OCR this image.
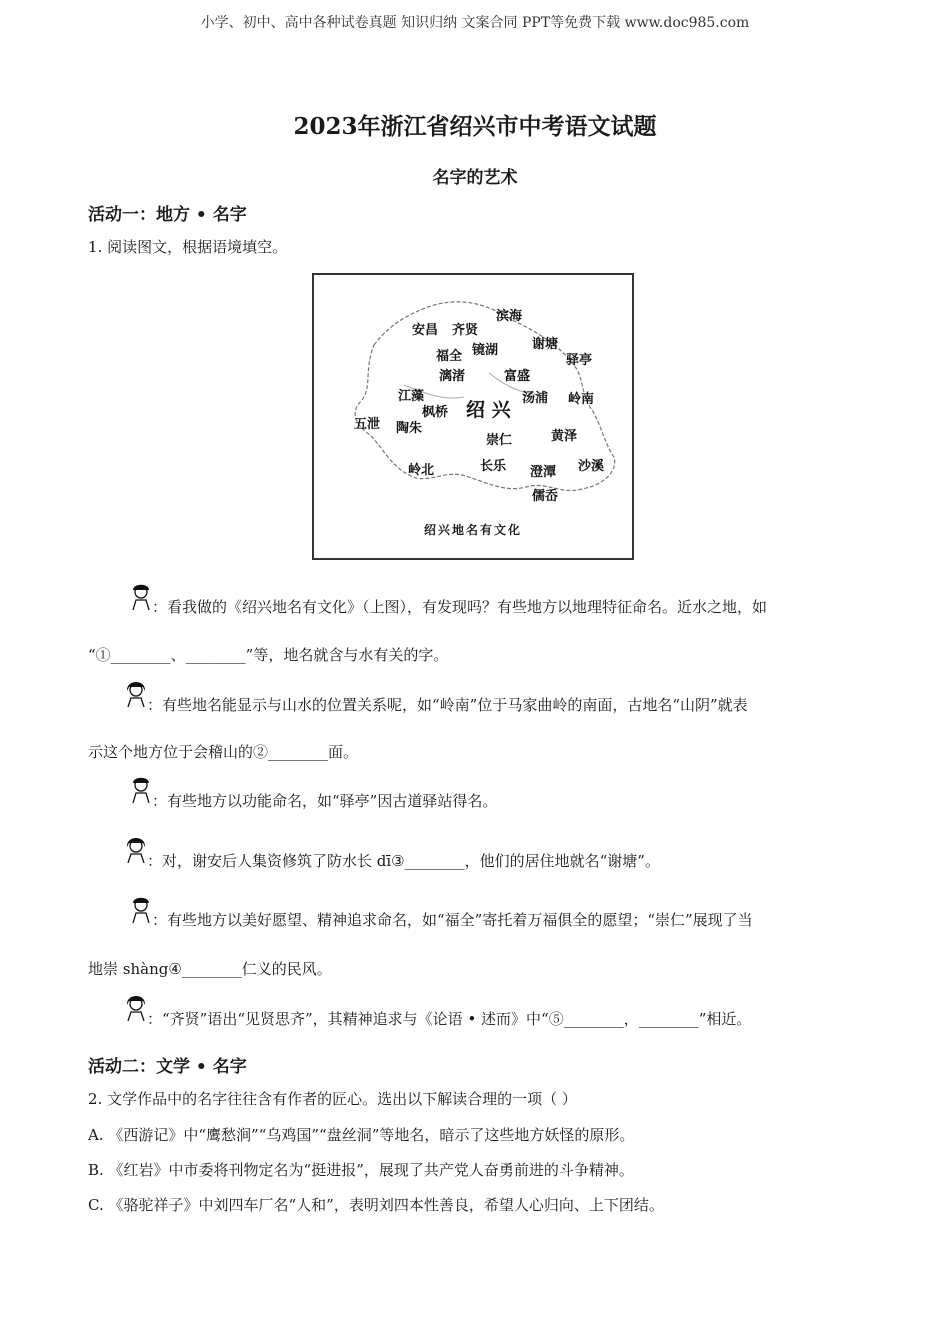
小学、初中、高中各种试卷真题 知识归纳 文案合同 PPT等免费下载 www.doc985.com
2023年浙江省绍兴市中考语文试题
名字的艺术
活动一：地方 • 名字
1. 阅读图文，根据语境填空。
安昌 齐贤
滨海
谢塘
福全 镜湖
驿亭
漓渚	富盛
江藻	汤浦 岭南
绍 兴
五泄
枫桥
陶朱
崇仁	黄泽
岭北	长乐 澄潭 沙溪
儒岙
绍兴地名有文化
：看我做的《绍兴地名有文化》（上图），有发现吗？有些地方以地理特征命名。近水之地，如
“①________、________”等，地名就含与水有关的字。
：有些地名能显示与山水的位置关系呢，如“岭南”位于马家曲岭的南面，古地名“山阴”就表
示这个地方位于会稽山的②________面。
：有些地方以功能命名，如“驿亭”因古道驿站得名。
：对，谢安后人集资修筑了防水长 dī③________，他们的居住地就名“谢塘”。
：有些地方以美好愿望、精神追求命名，如“福全”寄托着万福俱全的愿望；“崇仁”展现了当
地崇 shàng④________仁义的民风。
：“齐贤”语出“见贤思齐”，其精神追求与《论语 • 述而》中“⑤________，________”相近。
活动二：文学 • 名字
2. 文学作品中的名字往往含有作者的匠心。选出以下解读合理的一项（ ）
A. 《西游记》中“鹰愁涧”“乌鸡国”“盘丝洞”等地名，暗示了这些地方妖怪的原形。
B. 《红岩》中市委将刊物定名为“挺进报”，展现了共产党人奋勇前进的斗争精神。
C. 《骆驼祥子》中刘四车厂名“人和”，表明刘四本性善良，希望人心归向、上下团结。
